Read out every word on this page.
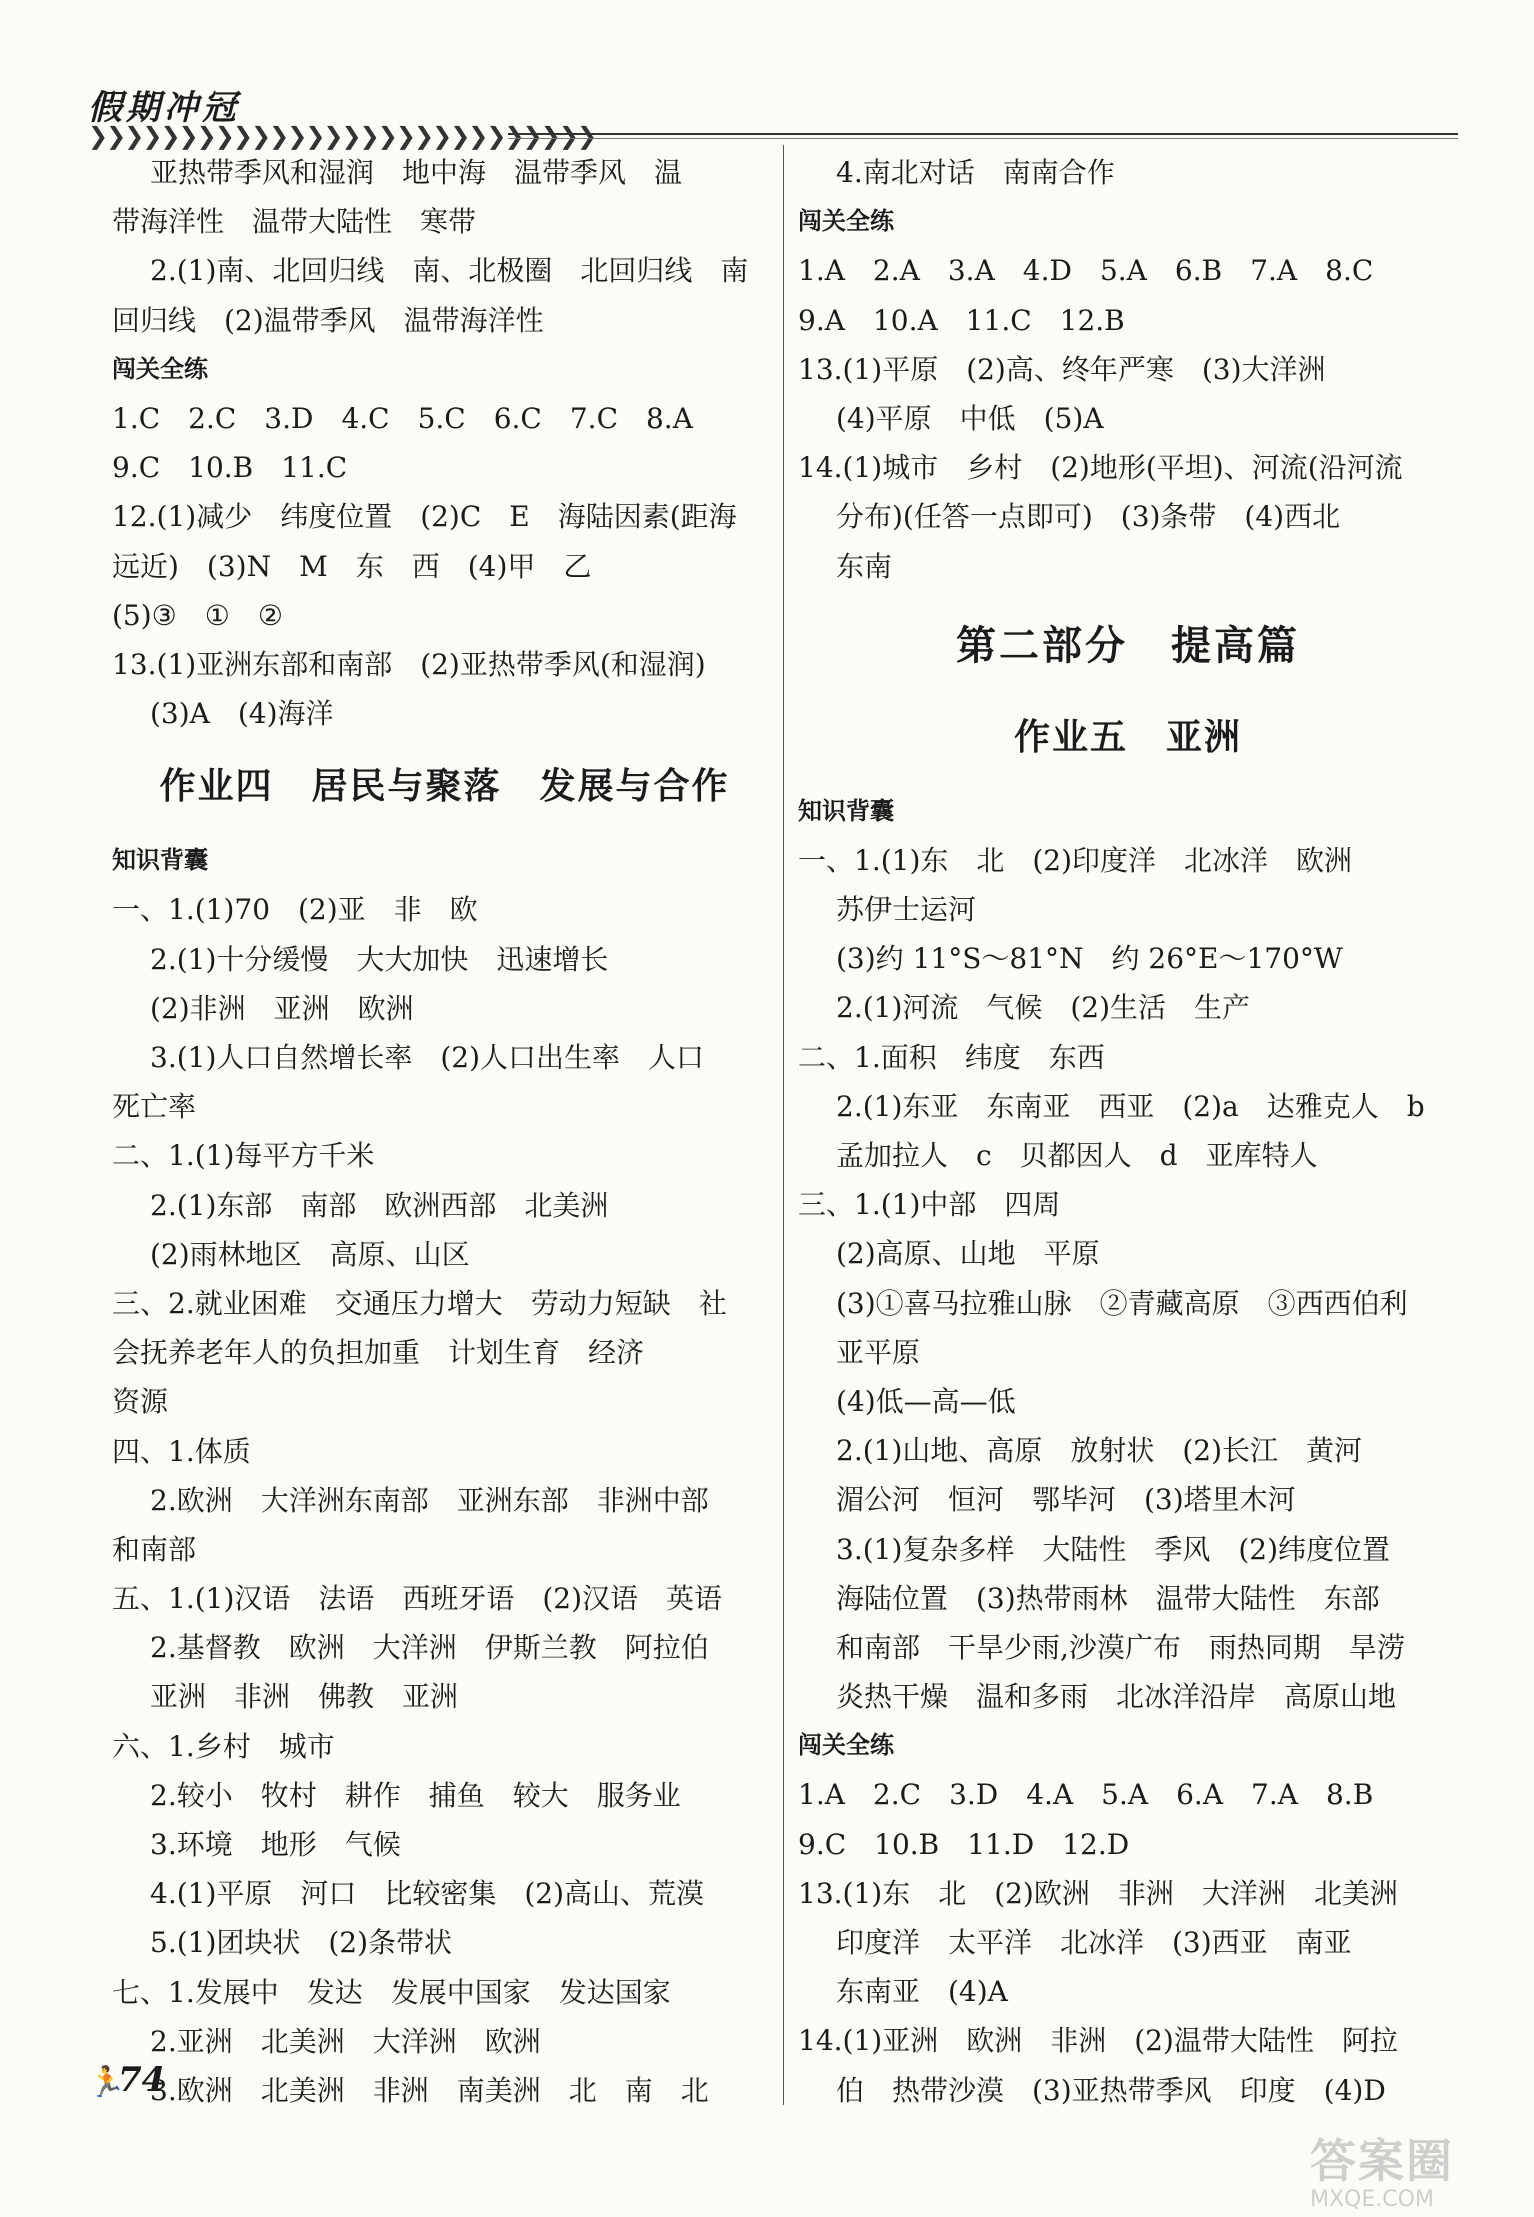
假期冲冠
❯❯❯❯❯❯❯❯❯❯❯❯❯❯❯❯❯❯❯❯❯❯❯❯❯❯❯❯
亚热带季风和湿润　地中海　温带季风　温
带海洋性　温带大陆性　寒带
2.(1)南、北回归线　南、北极圈　北回归线　南
回归线　(2)温带季风　温带海洋性
闯关全练
1.C　2.C　3.D　4.C　5.C　6.C　7.C　8.A
9.C　10.B　11.C
12.(1)减少　纬度位置　(2)C　E　海陆因素(距海
远近)　(3)N　M　东　西　(4)甲　乙
(5)③　①　②
13.(1)亚洲东部和南部　(2)亚热带季风(和湿润)
(3)A　(4)海洋
作业四　居民与聚落　发展与合作
知识背囊
一、1.(1)70　(2)亚　非　欧
2.(1)十分缓慢　大大加快　迅速增长
(2)非洲　亚洲　欧洲
3.(1)人口自然增长率　(2)人口出生率　人口
死亡率
二、1.(1)每平方千米
2.(1)东部　南部　欧洲西部　北美洲
(2)雨林地区　高原、山区
三、2.就业困难　交通压力增大　劳动力短缺　社
会抚养老年人的负担加重　计划生育　经济
资源
四、1.体质
2.欧洲　大洋洲东南部　亚洲东部　非洲中部
和南部
五、1.(1)汉语　法语　西班牙语　(2)汉语　英语
2.基督教　欧洲　大洋洲　伊斯兰教　阿拉伯
亚洲　非洲　佛教　亚洲
六、1.乡村　城市
2.较小　牧村　耕作　捕鱼　较大　服务业
3.环境　地形　气候
4.(1)平原　河口　比较密集　(2)高山、荒漠
5.(1)团块状　(2)条带状
七、1.发展中　发达　发展中国家　发达国家
2.亚洲　北美洲　大洋洲　欧洲
3.欧洲　北美洲　非洲　南美洲　北　南　北
4.南北对话　南南合作
闯关全练
1.A　2.A　3.A　4.D　5.A　6.B　7.A　8.C
9.A　10.A　11.C　12.B
13.(1)平原　(2)高、终年严寒　(3)大洋洲
(4)平原　中低　(5)A
14.(1)城市　乡村　(2)地形(平坦)、河流(沿河流
分布)(任答一点即可)　(3)条带　(4)西北
东南
第二部分　提高篇
作业五　亚洲
知识背囊
一、1.(1)东　北　(2)印度洋　北冰洋　欧洲
苏伊士运河
(3)约 11°S～81°N　约 26°E～170°W
2.(1)河流　气候　(2)生活　生产
二、1.面积　纬度　东西
2.(1)东亚　东南亚　西亚　(2)a　达雅克人　b
孟加拉人　c　贝都因人　d　亚库特人
三、1.(1)中部　四周
(2)高原、山地　平原
(3)①喜马拉雅山脉　②青藏高原　③西西伯利
亚平原
(4)低—高—低
2.(1)山地、高原　放射状　(2)长江　黄河
湄公河　恒河　鄂毕河　(3)塔里木河
3.(1)复杂多样　大陆性　季风　(2)纬度位置
海陆位置　(3)热带雨林　温带大陆性　东部
和南部　干旱少雨,沙漠广布　雨热同期　旱涝
炎热干燥　温和多雨　北冰洋沿岸　高原山地
闯关全练
1.A　2.C　3.D　4.A　5.A　6.A　7.A　8.B
9.C　10.B　11.D　12.D
13.(1)东　北　(2)欧洲　非洲　大洋洲　北美洲
印度洋　太平洋　北冰洋　(3)西亚　南亚
东南亚　(4)A
14.(1)亚洲　欧洲　非洲　(2)温带大陆性　阿拉
伯　热带沙漠　(3)亚热带季风　印度　(4)D
🏃
74
答案圈
MXQE.COM
